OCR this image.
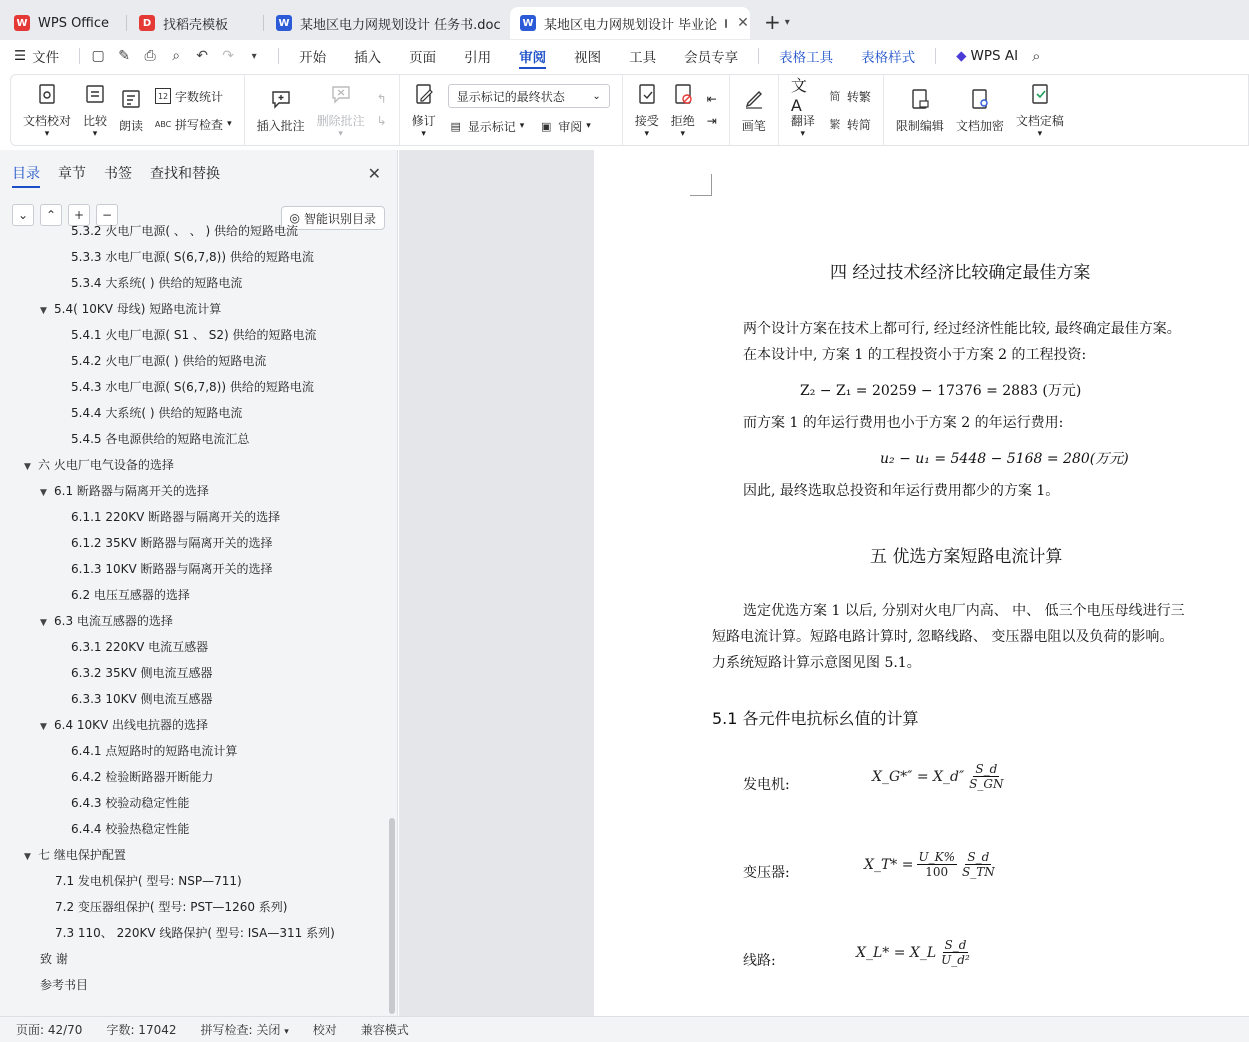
W WPS Office	D 找稻壳模板	W 某地区电力网规划设计 任务书.doc W 某地区电力网规划设计 毕业论 ✕ + ▾
☰ 文件 ▢ ✎ ⎙ ⌕ ↶ ↷	▾	开始	插入	页面	引用	审阅	视图	工具	会员专享	表格工具	表格样式	◆ WPS AI ⌕
文档校对
▾ 比较
▾ 朗读
12 字数统计
ABC 拼写检查
▾	插入批注 删除批注
▾
↰
↳ 修订
▾
显示标记的最终状态	⌄
▤ 显示标记
▾ ▣ 审阅
▾	接受
▾ 拒绝
▾
⇤
⇥ 画笔
文A
翻译
▾
简 转繁
繁 转简 限制编辑 文档加密 文档定稿
▾
目录 章节 书签 查找和替换	✕
⌄	⌃	+	−	◎ 智能识别目录
5.3.2 火电厂电源( 、 、 ) 供给的短路电流
5.3.3 水电厂电源( S(6,7,8)) 供给的短路电流
5.3.4 大系统( ) 供给的短路电流
▼ 5.4( 10KV 母线) 短路电流计算
5.4.1 火电厂电源( S1 、 S2) 供给的短路电流
5.4.2 火电厂电源( ) 供给的短路电流
5.4.3 水电厂电源( S(6,7,8)) 供给的短路电流
5.4.4 大系统( ) 供给的短路电流
5.4.5 各电源供给的短路电流汇总
▼ 六 火电厂电气设备的选择
▼ 6.1 断路器与隔离开关的选择
6.1.1 220KV 断路器与隔离开关的选择
6.1.2 35KV 断路器与隔离开关的选择
6.1.3 10KV 断路器与隔离开关的选择
6.2 电压互感器的选择
▼ 6.3 电流互感器的选择
6.3.1 220KV 电流互感器
6.3.2 35KV 侧电流互感器
6.3.3 10KV 侧电流互感器
▼ 6.4 10KV 出线电抗器的选择
6.4.1 点短路时的短路电流计算
6.4.2 检验断路器开断能力
6.4.3 校验动稳定性能
6.4.4 校验热稳定性能
▼ 七 继电保护配置
7.1 发电机保护( 型号: NSP—711)
7.2 变压器组保护( 型号: PST—1260 系列)
7.3 110、 220KV 线路保护( 型号: ISA—311 系列)
致 谢
参考书目
四 经过技术经济比较确定最佳方案
两个设计方案在技术上都可行, 经过经济性能比较, 最终确定最佳方案。
在本设计中, 方案 1 的工程投资小于方案 2 的工程投资:
Z₂ − Z₁ = 20259 − 17376 = 2883 (万元)
而方案 1 的年运行费用也小于方案 2 的年运行费用:
u₂ − u₁ = 5448 − 5168 = 280(万元)
因此, 最终选取总投资和年运行费用都少的方案 1。
五 优选方案短路电流计算
选定优选方案 1 以后, 分别对火电厂内高、 中、 低三个电压母线进行三
短路电流计算。短路电路计算时, 忽略线路、 变压器电阻以及负荷的影响。
力系统短路计算示意图见图 5.1。
5.1 各元件电抗标幺值的计算
发电机:
X_G*″ = X_d″ $\frac{S\_d}{S\_GN}$
变压器:
X_T* = $\frac{U\_K\%}{100} \frac{S\_d}{S\_TN}$
线路:
X_L* = X_L $\frac{S\_d}{\text{U\_d²}}$
页面: 42/70 字数: 17042 拼写检查: 关闭 ▾ 校对 兼容模式
